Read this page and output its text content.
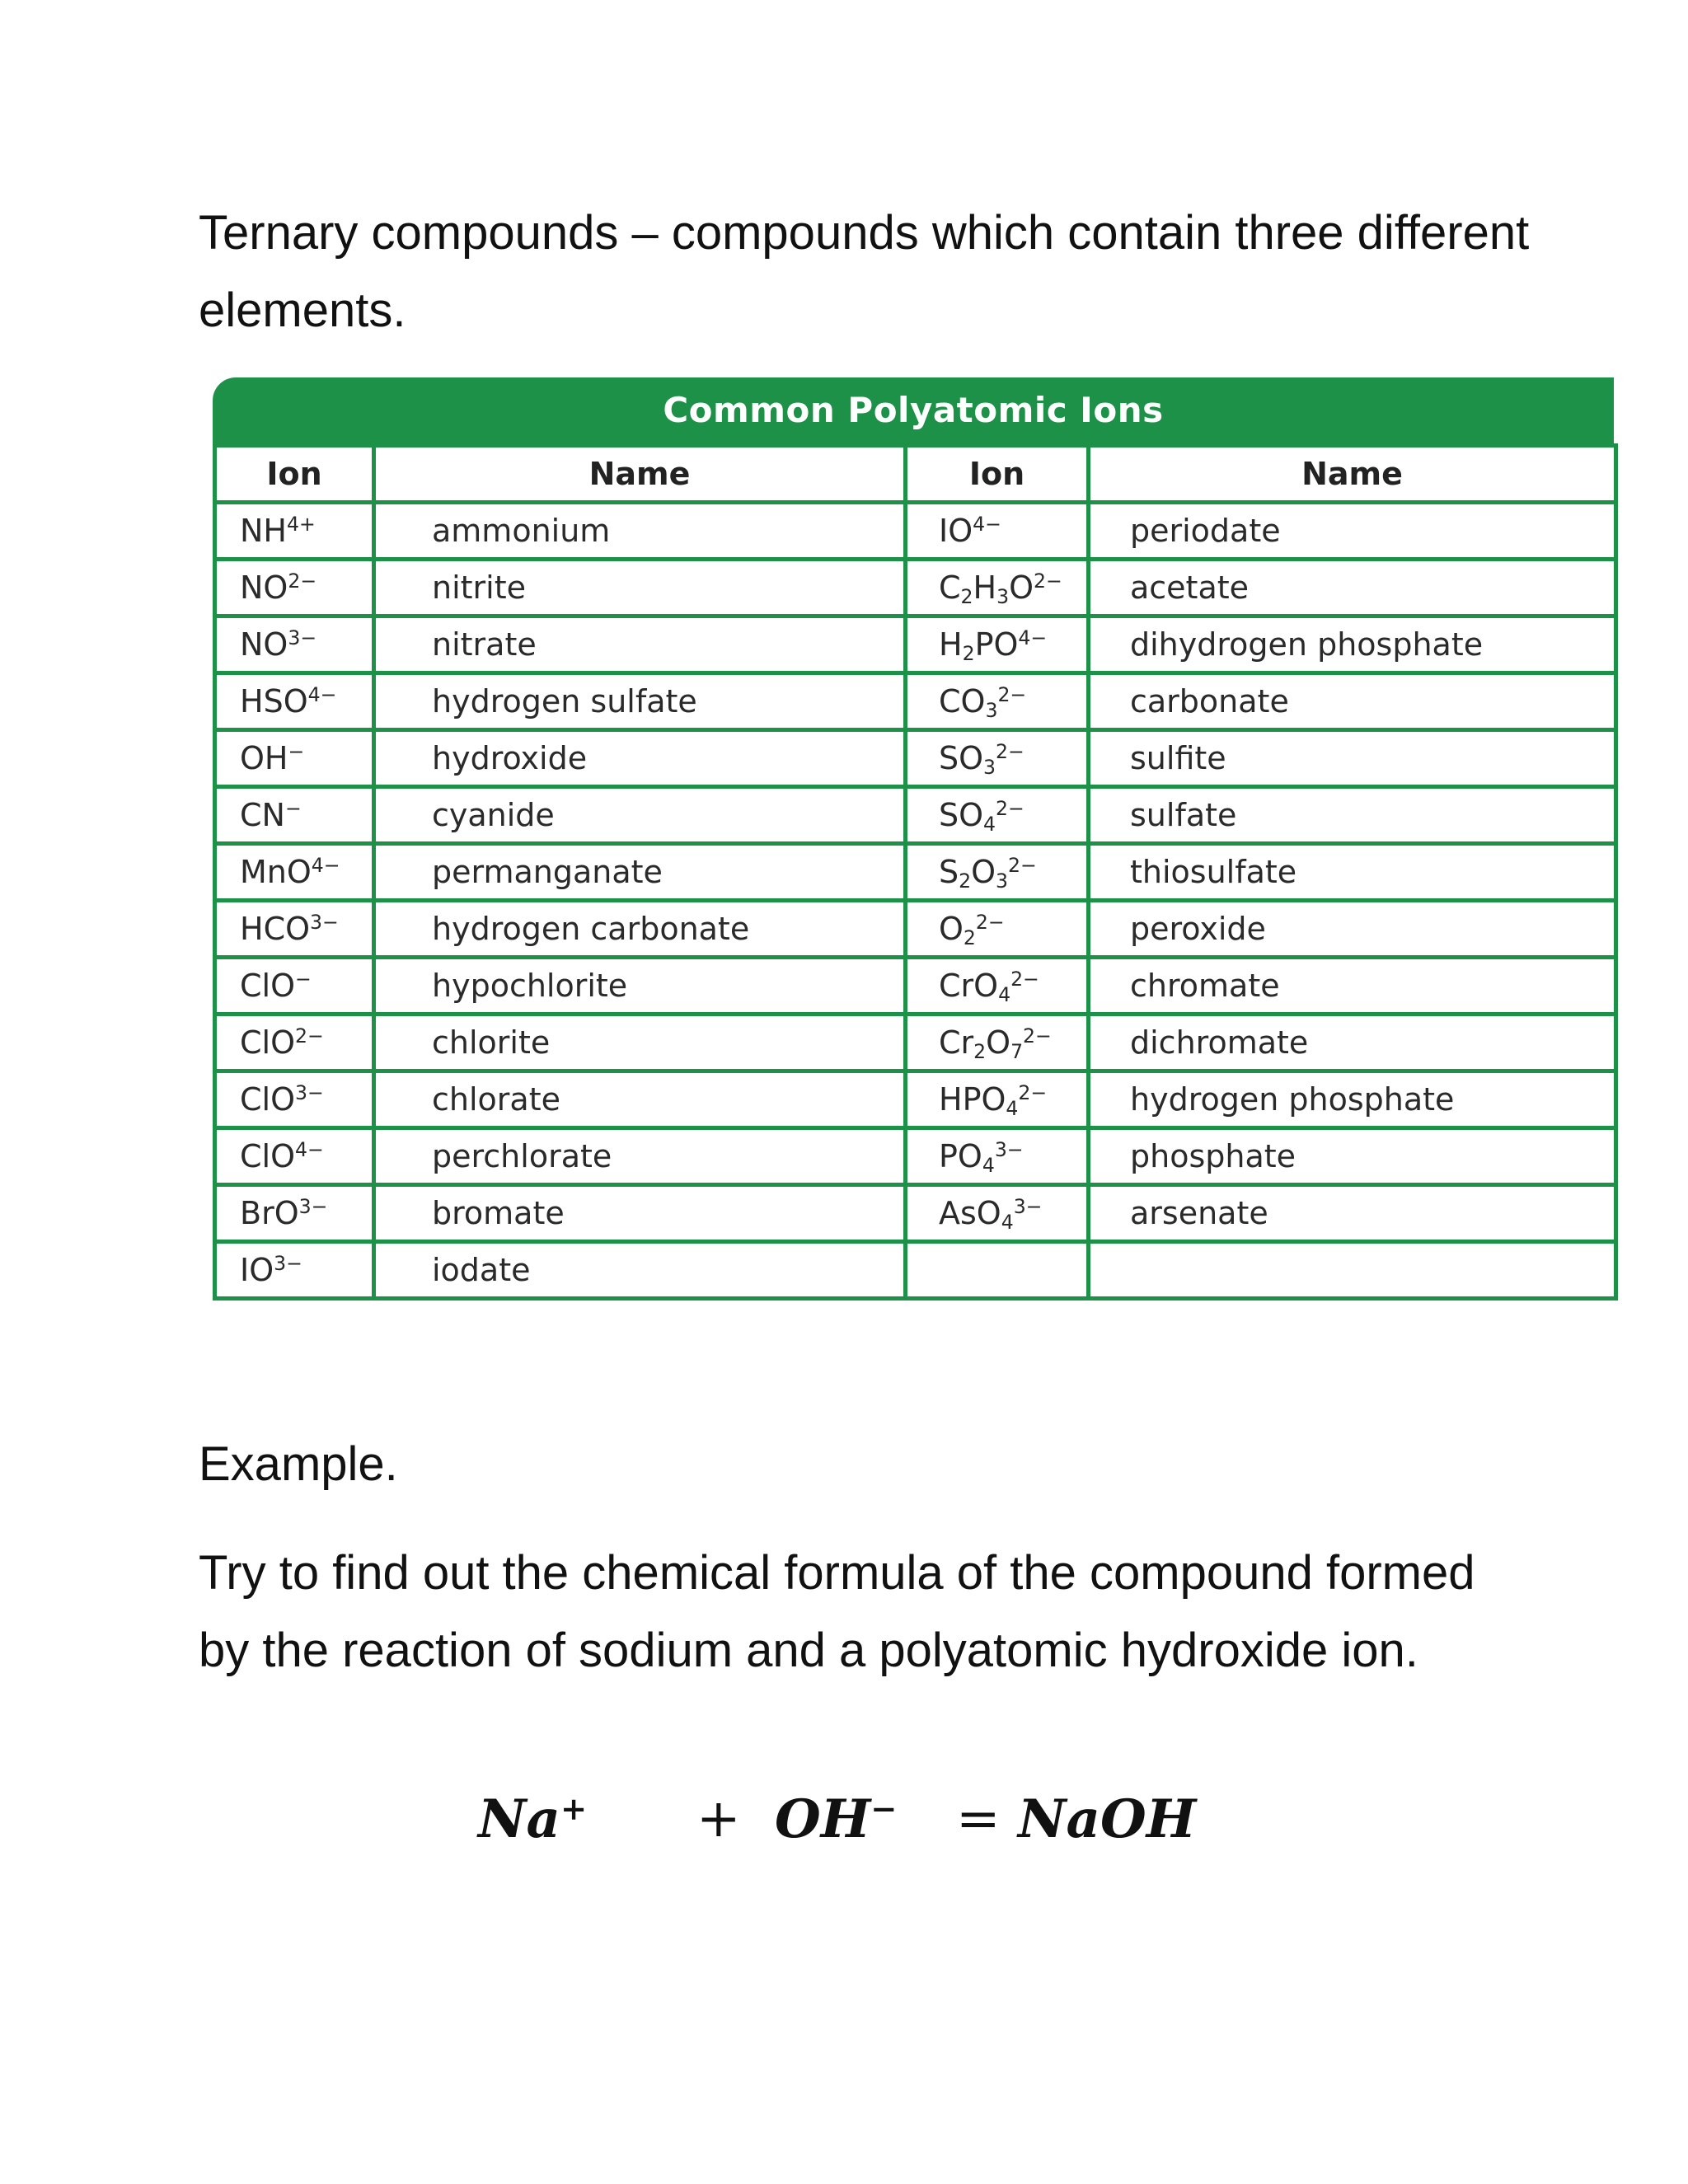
Ternary compounds – compounds which contain three different elements.

Common Polyatomic Ions
Ion	Name	Ion	Name
$NH^{4+}$	ammonium	$IO^{4-}$	periodate
$NO^{2-}$	nitrite	$C_2H_3O^{2-}$	acetate
$NO^{3-}$	nitrate	$H_2PO^{4-}$	dihydrogen phosphate
$HSO^{4-}$	hydrogen sulfate	$CO_3^{2-}$	carbonate
OH−	hydroxide	$SO_3^{2-}$	sulfite
CN−	cyanide	$SO_4^{2-}$	sulfate
MnO$^{4-}$	permanganate	$S_2O_3^{2-}$	thiosulfate
$HCO^{3-}$	hydrogen carbonate	$O_2^{2-}$	peroxide
ClO−	hypochlorite	CrO$_4^{2-}$	chromate
ClO$^{2-}$	chlorite	$Cr_2O_7^{2-}$	dichromate
ClO$^{3-}$	chlorate	$HPO_4^{2-}$	hydrogen phosphate
ClO$^{4-}$	perchlorate	$PO_4^{3-}$	phosphate
BrO$^{3-}$	bromate	AsO$_4^{3-}$	arsenate
$IO^{3-}$	iodate		

Example.

Try to find out the chemical formula of the compound formed by the reaction of sodium and a polyatomic hydroxide ion.

Na+ + OH− = NaOH
